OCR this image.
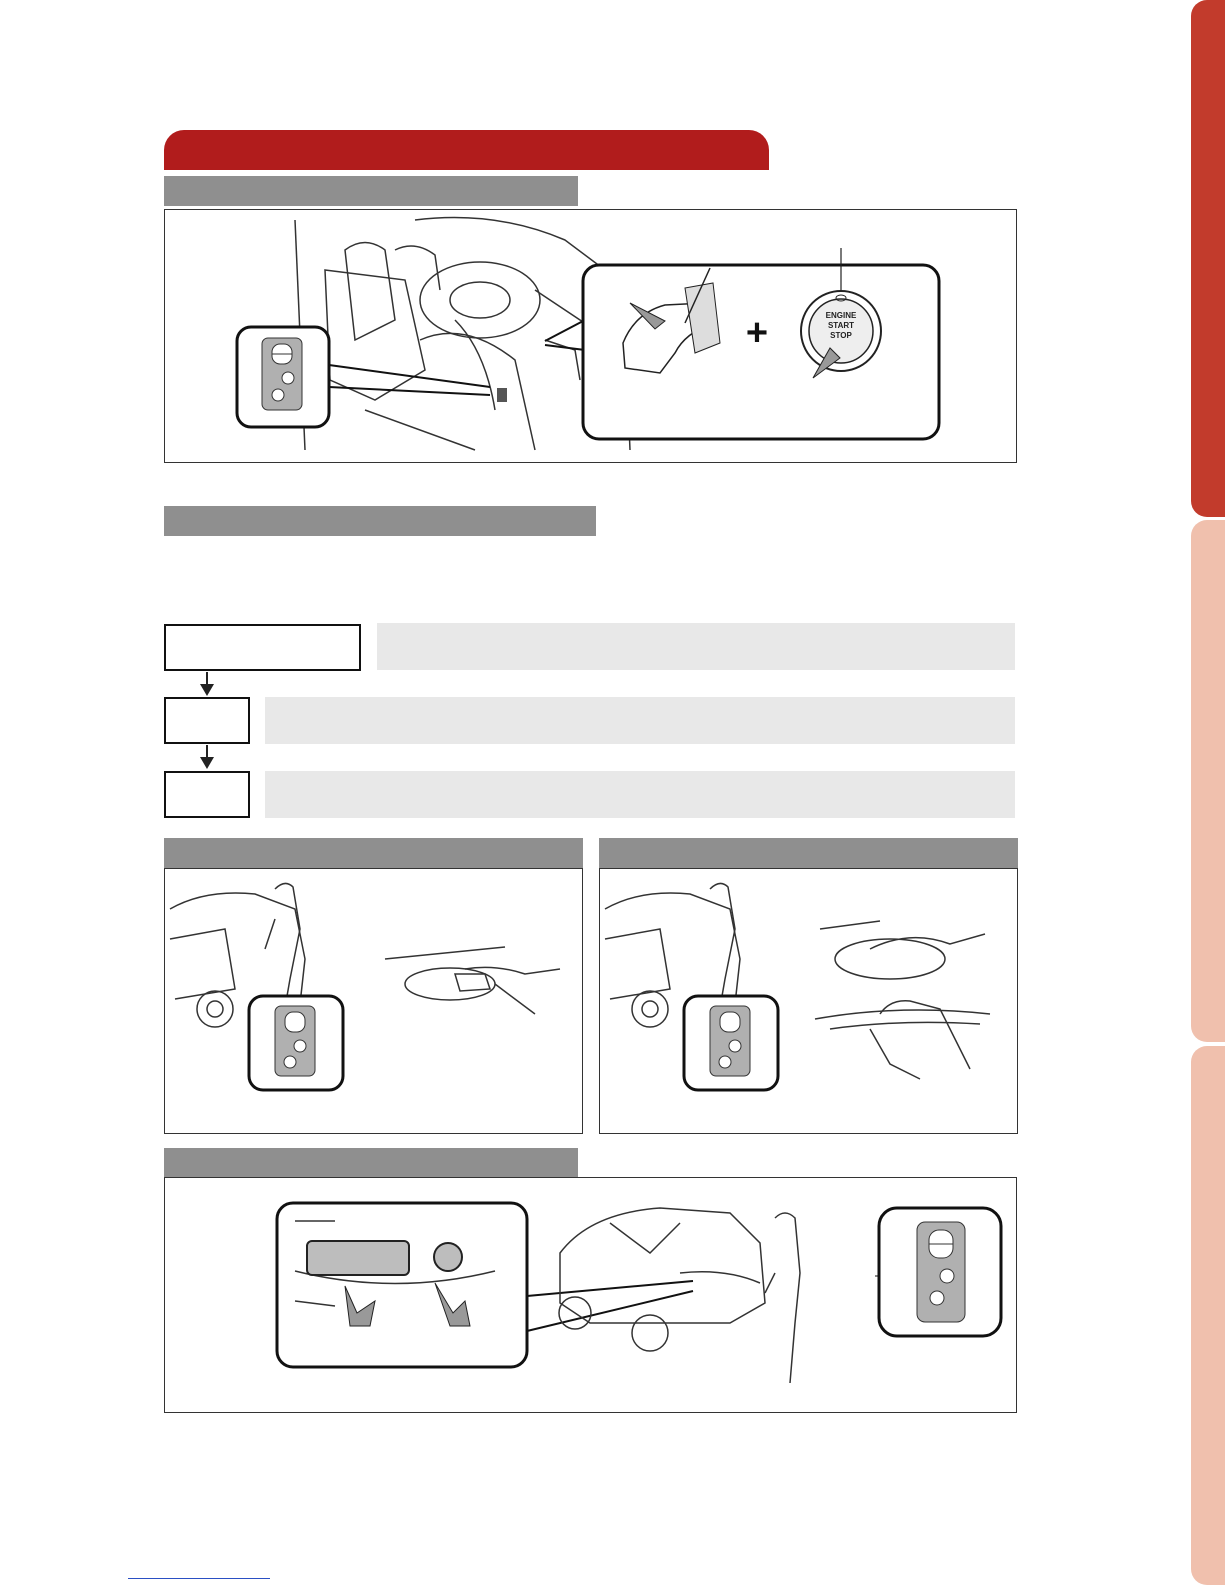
ENGINE
START
STOP
+
